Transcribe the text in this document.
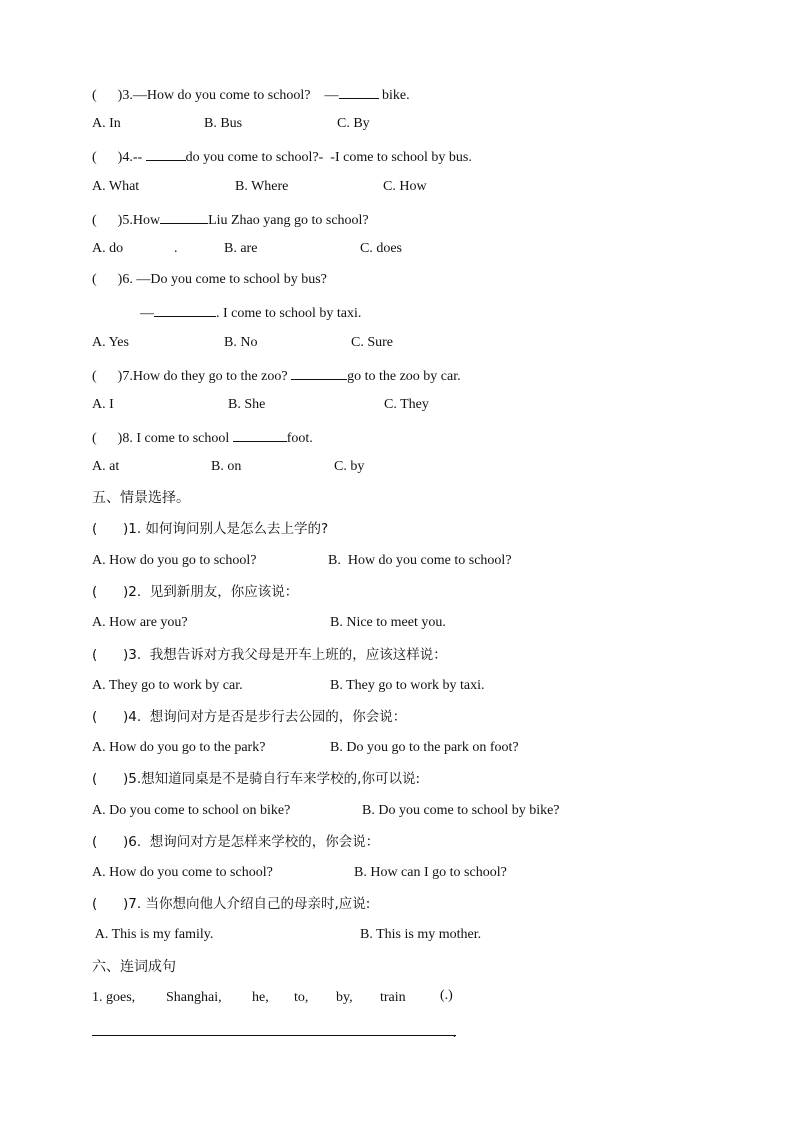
(      )3.—How do you come to school?    —	bike.
A. In	B. Bus	C. By
(      )4.--	do you come to school?-  -I come to school by bus.
A. What	B. Where	C. How
(      )5.How	Liu Zhao yang go to school?
A. do	.	B. are	C. does
(      )6. —Do you come to school by bus?
—	. I come to school by taxi.
A. Yes	B. No	C. Sure
(      )7.How do they go to the zoo?	go to the zoo by car.
A. I	B. She	C. They
(      )8. I come to school	foot.
A. at	B. on	C. by
五、情景选择。
(      )1. 如何询问别人是怎么去上学的?
A. How do you go to school?	B.  How do you come to school?
(      )2.  见到新朋友，你应该说：
A. How are you?	B. Nice to meet you.
(      )3.  我想告诉对方我父母是开车上班的，应该这样说：
A. They go to work by car.	B. They go to work by taxi.
(      )4.  想询问对方是否是步行去公园的，你会说：
A. How do you go to the park?	B. Do you go to the park on foot?
(      )5.想知道同桌是不是骑自行车来学校的,你可以说:
A. Do you come to school on bike?	B. Do you come to school by bike?
(      )6.  想询问对方是怎样来学校的，你会说：
A. How do you come to school?	B. How can I go to school?
(      )7. 当你想向他人介绍自己的母亲时,应说:
A. This is my family.	B. This is my mother.
六、连词成句
1. goes, Shanghai, he, to, by, train (.)
.
